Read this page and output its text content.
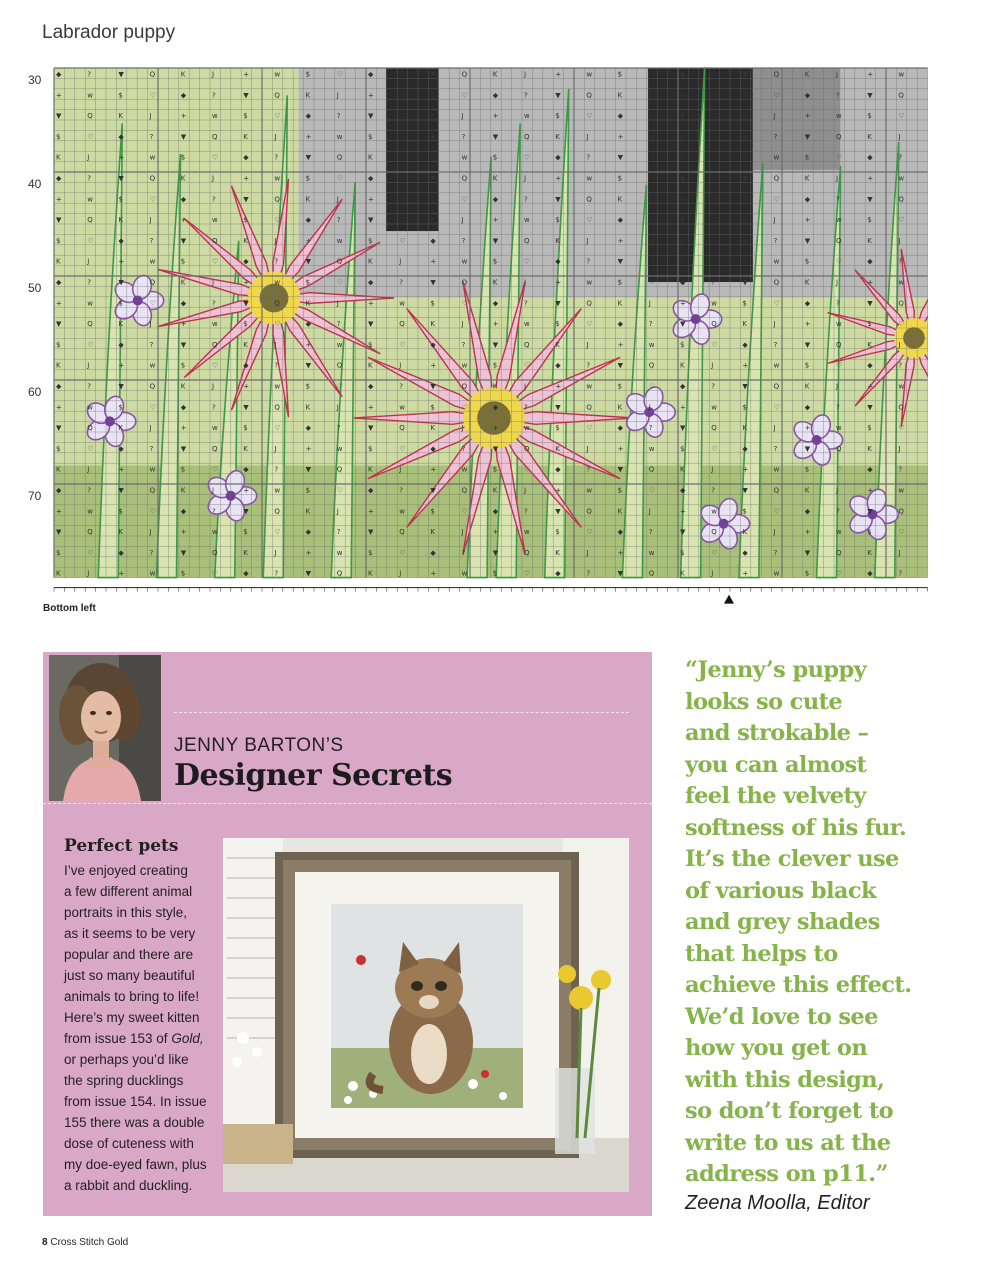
Labrador puppy
◆	?	▼	Q	K	J	+	w	$	♡	◆	?	▼	Q	K	J	+	w	$	♡	◆	?	▼	Q	K	J	+	w
+	w	$	♡	◆	?	▼	Q	K	J	+	w	$	♡	◆	?	▼	Q	K	J	+	w	$	♡	◆	?	▼	Q
▼	Q	K	J	+	w	$	♡	◆	?	▼	Q	K	J	+	w	$	♡	◆	?	▼	Q	K	J	+	w	$	♡
$	♡	◆	?	▼	Q	K	J	+	w	$	♡	◆	?	▼	Q	K	J	+	w	$	♡	◆	?	▼	Q	K	J
K	J	+	w	$	♡	◆	?	▼	Q	K	J	+	w	$	♡	◆	?	▼	Q	K	J	+	w	$	♡	◆	?
◆	?	▼	Q	K	J	+	w	$	♡	◆	?	▼	Q	K	J	+	w	$	♡	◆	?	▼	Q	K	J	+	w
+	w	$	♡	◆	?	▼	Q	K	J	+	w	$	♡	◆	?	▼	Q	K	J	+	w	$	♡	◆	?	▼	Q
▼	Q	K	J	+	w	$	♡	◆	?	▼	Q	K	J	+	w	$	♡	◆	?	▼	Q	K	J	+	w	$	♡
$	♡	◆	?	▼	Q	K	J	+	w	$	♡	◆	?	▼	Q	K	J	+	w	$	♡	◆	?	▼	Q	K	J
K	J	+	w	$	♡	◆	?	▼	Q	K	J	+	w	$	♡	◆	?	▼	Q	K	J	+	w	$	♡	◆	?
◆	?	▼	Q	K	J	+	w	$	♡	◆	?	▼	Q	K	J	+	w	$	♡	◆	?	▼	Q	K	J	+	w
+	w	$	♡	◆	?	▼	Q	K	J	+	w	$	♡	◆	?	▼	Q	K	J	+	w	$	♡	◆	?	▼	Q
▼	Q	K	J	+	w	$	♡	◆	?	▼	Q	K	J	+	w	$	♡	◆	?	▼	Q	K	J	+	w	$	♡
$	♡	◆	?	▼	Q	K	J	+	w	$	♡	◆	?	▼	Q	K	J	+	w	$	♡	◆	?	▼	Q	K	J
K	J	+	w	$	♡	◆	?	▼	Q	K	J	+	w	$	♡	◆	?	▼	Q	K	J	+	w	$	♡	◆	?
◆	?	▼	Q	K	J	+	w	$	♡	◆	?	▼	Q	K	J	+	w	$	♡	◆	?	▼	Q	K	J	+	w
+	w	$	♡	◆	?	▼	Q	K	J	+	w	$	♡	◆	?	▼	Q	K	J	+	w	$	♡	◆	?	▼	Q
▼	Q	K	J	+	w	$	♡	◆	?	▼	Q	K	J	+	w	$	♡	◆	?	▼	Q	K	J	+	w	$	♡
$	♡	◆	?	▼	Q	K	J	+	w	$	♡	◆	?	▼	Q	K	J	+	w	$	♡	◆	?	▼	Q	K	J
K	J	+	w	$	♡	◆	?	▼	Q	K	J	+	w	$	♡	◆	?	▼	Q	K	J	+	w	$	♡	◆	?
◆	?	▼	Q	K	J	+	w	$	♡	◆	?	▼	Q	K	J	+	w	$	♡	◆	?	▼	Q	K	J	+	w
+	w	$	♡	◆	?	▼	Q	K	J	+	w	$	♡	◆	?	▼	Q	K	J	+	w	$	♡	◆	?	▼	Q
▼	Q	K	J	+	w	$	♡	◆	?	▼	Q	K	J	+	w	$	♡	◆	?	▼	Q	K	J	+	w	$	♡
$	♡	◆	?	▼	Q	K	J	+	w	$	♡	◆	?	▼	Q	K	J	+	w	$	♡	◆	?	▼	Q	K	J
K	J	+	w	$	♡	◆	?	▼	Q	K	J	+	w	$	♡	◆	?	▼	Q	K	J	+	w	$	♡	◆	?
30
40
50
60
70
Bottom left
JENNY BARTON’S
Designer Secrets
Perfect pets
I’ve enjoyed creating
a few different animal
portraits in this style,
as it seems to be very
popular and there are
just so many beautiful
animals to bring to life!
Here’s my sweet kitten
from issue 153 of Gold,
or perhaps you’d like
the spring ducklings
from issue 154. In issue
155 there was a double
dose of cuteness with
my doe-eyed fawn, plus
a rabbit and duckling.
“Jenny’s puppy
looks so cute
and strokable –
you can almost
feel the velvety
softness of his fur.
It’s the clever use
of various black
and grey shades
that helps to
achieve this effect.
We’d love to see
how you get on
with this design,
so don’t forget to
write to us at the
address on p11.”
Zeena Moolla, Editor
8 Cross Stitch Gold
